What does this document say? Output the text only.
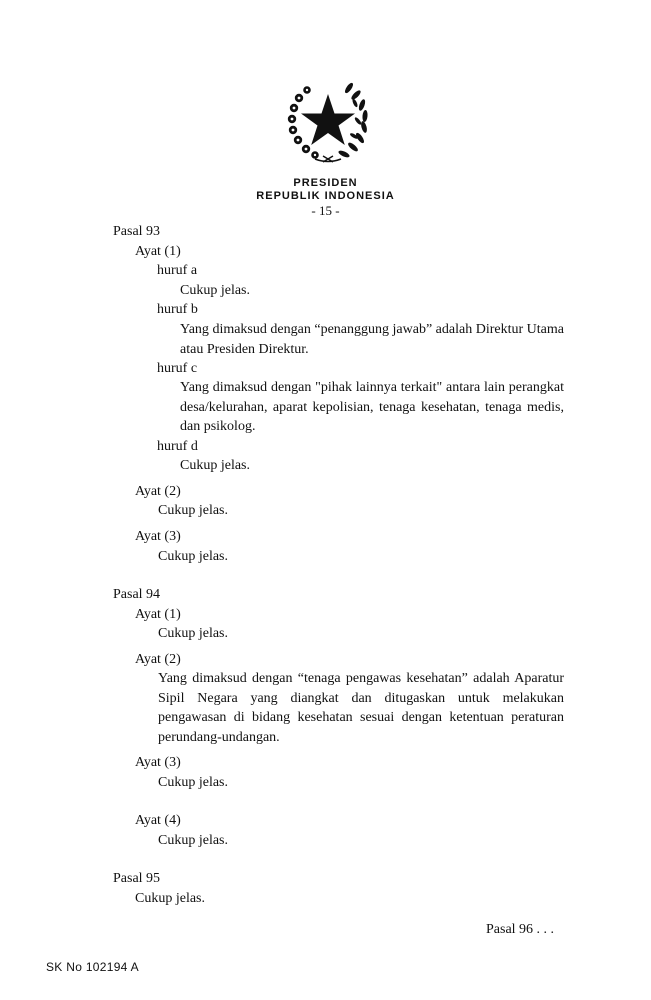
PRESIDEN
REPUBLIK INDONESIA
- 15 -
Pasal 93
Ayat (1)
huruf a
Cukup jelas.
huruf b
Yang dimaksud dengan “penanggung jawab” adalah Direktur Utama atau Presiden Direktur.
huruf c
Yang dimaksud dengan "pihak lainnya terkait" antara lain perangkat desa/kelurahan, aparat kepolisian, tenaga kesehatan, tenaga medis, dan psikolog.
huruf d
Cukup jelas.
Ayat (2)
Cukup jelas.
Ayat (3)
Cukup jelas.
Pasal 94
Ayat (1)
Cukup jelas.
Ayat (2)
Yang dimaksud dengan “tenaga pengawas kesehatan” adalah Aparatur Sipil Negara yang diangkat dan ditugaskan untuk melakukan pengawasan di bidang kesehatan sesuai dengan ketentuan peraturan perundang-undangan.
Ayat (3)
Cukup jelas.
Ayat (4)
Cukup jelas.
Pasal 95
Cukup jelas.
Pasal 96 . . .
SK No 102194 A
